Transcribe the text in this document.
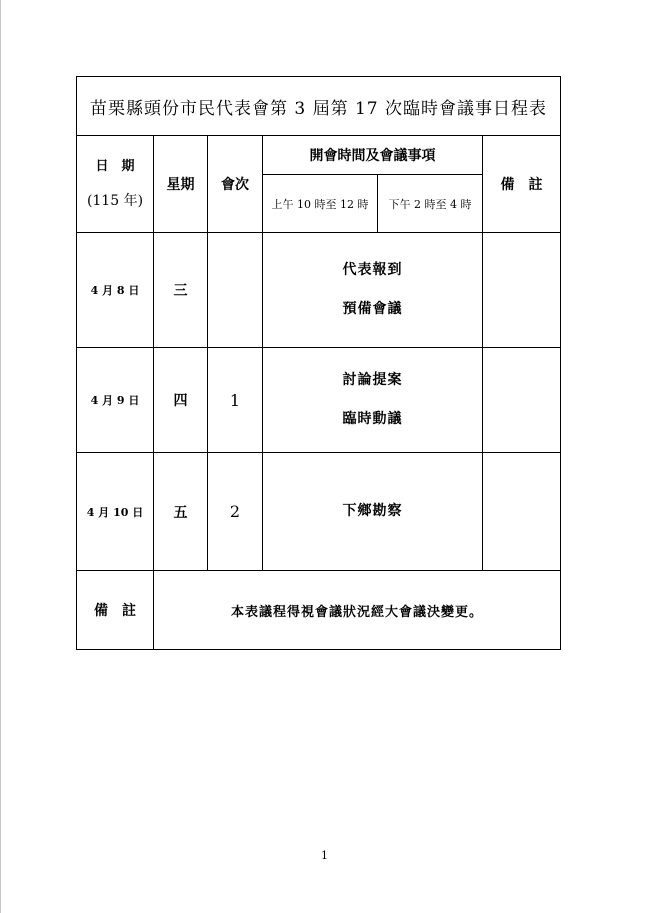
苗栗縣頭份市民代表會第 3 屆第 17 次臨時會議事日程表					

日　期
(115 年)	星期	會次	開會時間及會議事項		備　註
			上午 10 時至 12 時	下午 2 時至 4 時	
4 月 8 日	三		代表報到
預備會議		

4 月 9 日	四	1	討論提案
臨時動議		

4 月 10 日	五	2	下鄉勘察		

備　註	本表議程得視會議狀況經大會議決變更。				
1
